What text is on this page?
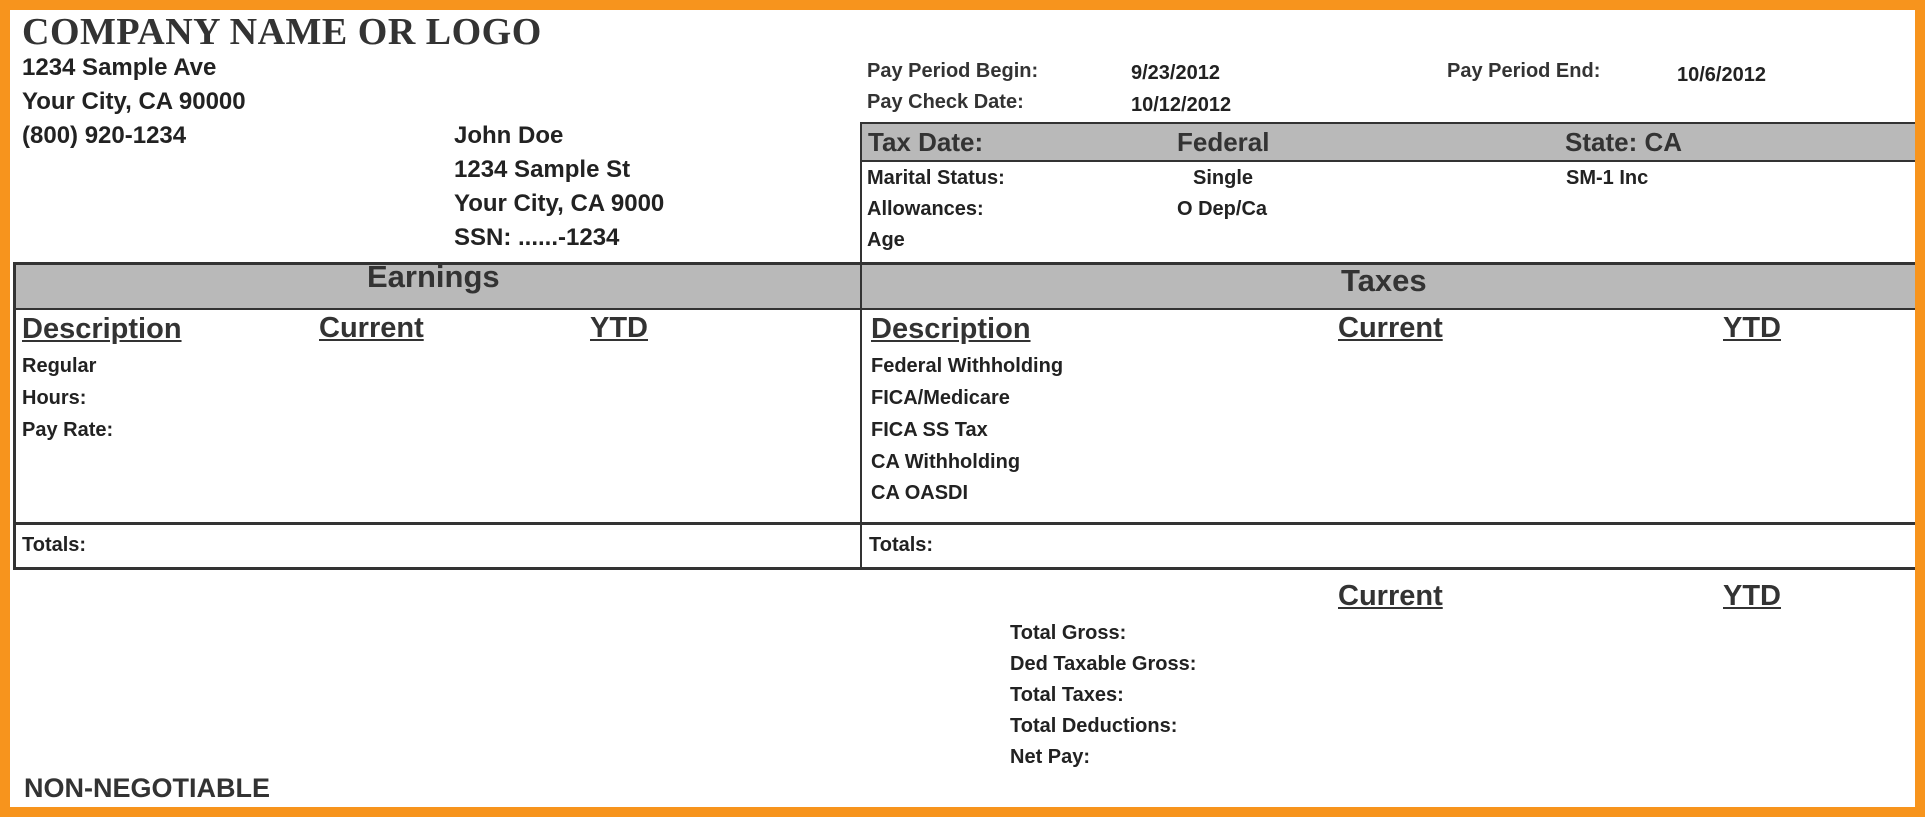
COMPANY NAME OR LOGO
1234 Sample Ave
Your City, CA 90000
(800) 920-1234	John Doe
1234 Sample St
Your City, CA 9000
SSN: ......-1234
Pay Period Begin:	9/23/2012	Pay Period End:	10/6/2012
Pay Check Date:	10/12/2012
Tax Date:	Federal	State: CA
Marital Status:	Single	SM-1 Inc
Allowances:	O Dep/Ca
Age
Earnings	Taxes
Description	Current	YTD
Regular
Hours:
Pay Rate:
Description	Current	YTD
Federal Withholding
FICA/Medicare
FICA SS Tax
CA Withholding
CA OASDI
Totals:	Totals:
Current	YTD
Total Gross:
Ded Taxable Gross:
Total Taxes:
Total Deductions:
Net Pay:
NON-NEGOTIABLE
